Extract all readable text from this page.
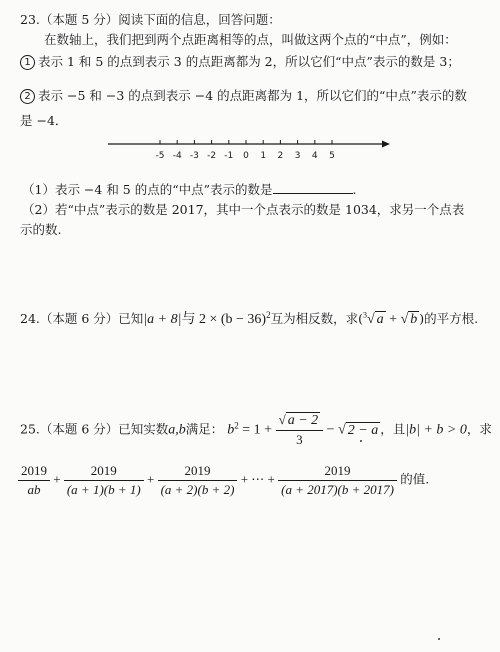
23.（本题 5 分）阅读下面的信息，回答问题：
在数轴上，我们把到两个点距离相等的点，叫做这两个点的“中点”，例如：
1 表示 1 和 5 的点到表示 3 的点距离都为 2，所以它们“中点”表示的数是 3；
2 表示 −5 和 −3 的点到表示 −4 的点距离都为 1，所以它们的“中点”表示的数
是 −4．
-5 -4 -3 -2 -1 0 1 2 3 4 5
（1）表示 −4 和 5 的点的“中点”表示的数是	.
（2）若“中点”表示的数是 2017，其中一个点表示的数是 1034，求另一个点表
示的数.
24.（本题 6 分）已知|a + 8|与 $2 \times (b - 36)^2$互为相反数，求($^3$√ a + √ b )的平方根.
25.（本题 6 分）已知实数a,b满足： $b^2 = 1 + \frac{√ a - 2}{3}$ − √ 2 − a ，且|b| + b > 0，求
$\frac{2019}{ab} + \frac{2019}{(a + 1)(b + 1)} + \frac{2019}{(a + 2)(b + 2)}$ + ⋯ + $\frac{2019}{(a + 2017)(b + 2017)}$ 的值.
